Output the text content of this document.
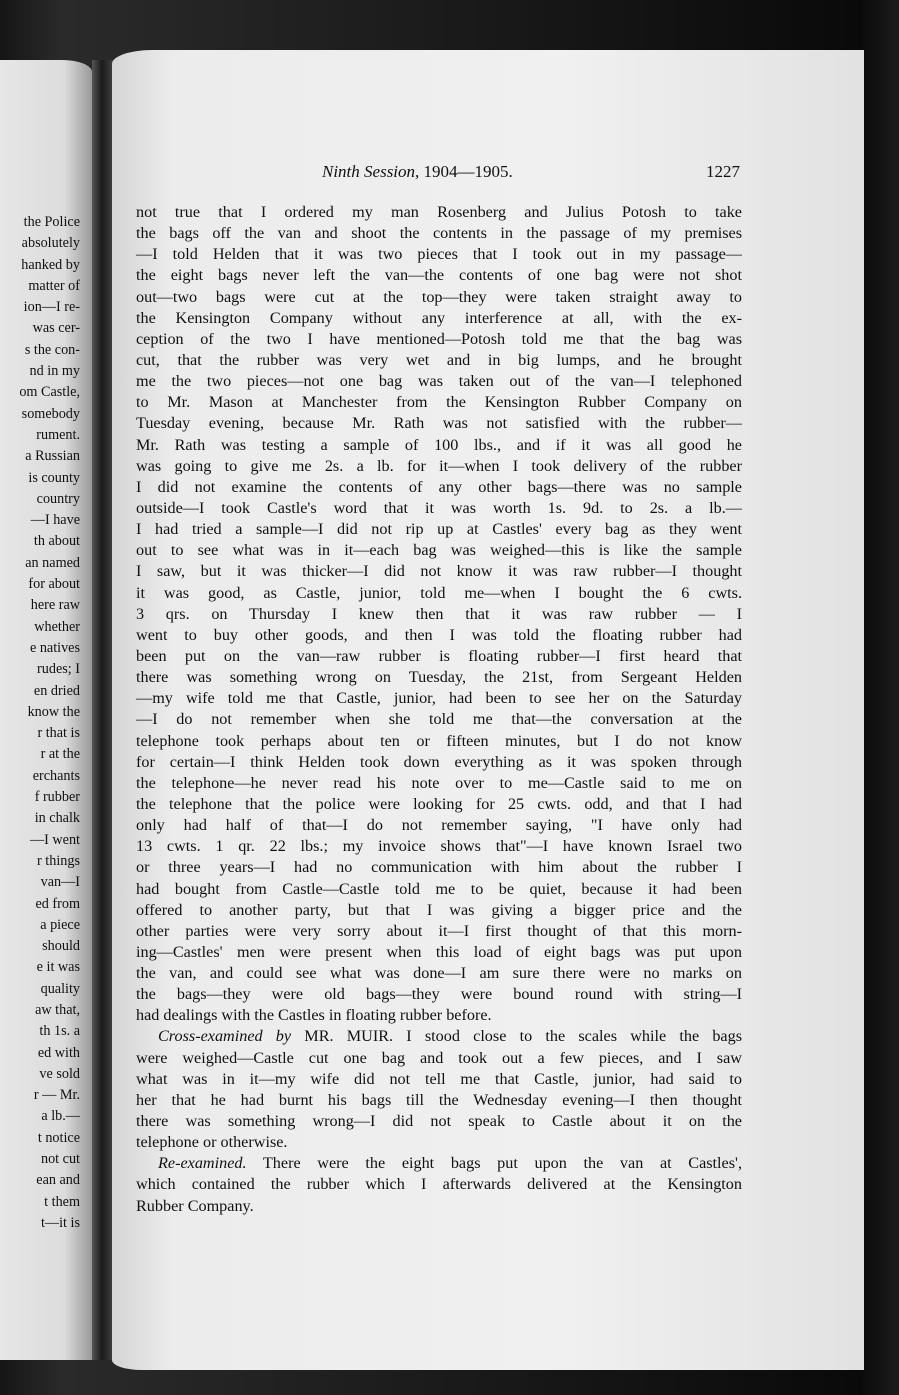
the Police
absolutely
hanked by
matter of
ion—I re-
was cer-
s the con-
nd in my
om Castle,
somebody
rument.
a Russian
is county
country
—I have
th about
an named
for about
here raw
whether
e natives
rudes; I
en dried
know the
r that is
r at the
erchants
f rubber
in chalk
—I went
r things
van—I
ed from
a piece
should
e it was
quality
aw that,
th 1s. a
ed with
ve sold
r — Mr.
a lb.—
t notice
not cut
ean and
t them
t—it is
Ninth Session, 1904—1905.	1227
not true that I ordered my man Rosenberg and Julius Potosh to take
the bags off the van and shoot the contents in the passage of my premises
—I told Helden that it was two pieces that I took out in my passage—
the eight bags never left the van—the contents of one bag were not shot
out—two bags were cut at the top—they were taken straight away to
the Kensington Company without any interference at all, with the ex-
ception of the two I have mentioned—Potosh told me that the bag was
cut, that the rubber was very wet and in big lumps, and he brought
me the two pieces—not one bag was taken out of the van—I telephoned
to Mr. Mason at Manchester from the Kensington Rubber Company on
Tuesday evening, because Mr. Rath was not satisfied with the rubber—
Mr. Rath was testing a sample of 100 lbs., and if it was all good he
was going to give me 2s. a lb. for it—when I took delivery of the rubber
I did not examine the contents of any other bags—there was no sample
outside—I took Castle's word that it was worth 1s. 9d. to 2s. a lb.—
I had tried a sample—I did not rip up at Castles' every bag as they went
out to see what was in it—each bag was weighed—this is like the sample
I saw, but it was thicker—I did not know it was raw rubber—I thought
it was good, as Castle, junior, told me—when I bought the 6 cwts.
3 qrs. on Thursday I knew then that it was raw rubber — I
went to buy other goods, and then I was told the floating rubber had
been put on the van—raw rubber is floating rubber—I first heard that
there was something wrong on Tuesday, the 21st, from Sergeant Helden
—my wife told me that Castle, junior, had been to see her on the Saturday
—I do not remember when she told me that—the conversation at the
telephone took perhaps about ten or fifteen minutes, but I do not know
for certain—I think Helden took down everything as it was spoken through
the telephone—he never read his note over to me—Castle said to me on
the telephone that the police were looking for 25 cwts. odd, and that I had
only had half of that—I do not remember saying, "I have only had
13 cwts. 1 qr. 22 lbs.; my invoice shows that"—I have known Israel two
or three years—I had no communication with him about the rubber I
had bought from Castle—Castle told me to be quiet, because it had been
offered to another party, but that I was giving a bigger price and the
other parties were very sorry about it—I first thought of that this morn-
ing—Castles' men were present when this load of eight bags was put upon
the van, and could see what was done—I am sure there were no marks on
the bags—they were old bags—they were bound round with string—I
had dealings with the Castles in floating rubber before.
Cross-examined by MR. MUIR. I stood close to the scales while the bags
were weighed—Castle cut one bag and took out a few pieces, and I saw
what was in it—my wife did not tell me that Castle, junior, had said to
her that he had burnt his bags till the Wednesday evening—I then thought
there was something wrong—I did not speak to Castle about it on the
telephone or otherwise.
Re-examined. There were the eight bags put upon the van at Castles',
which contained the rubber which I afterwards delivered at the Kensington
Rubber Company.
